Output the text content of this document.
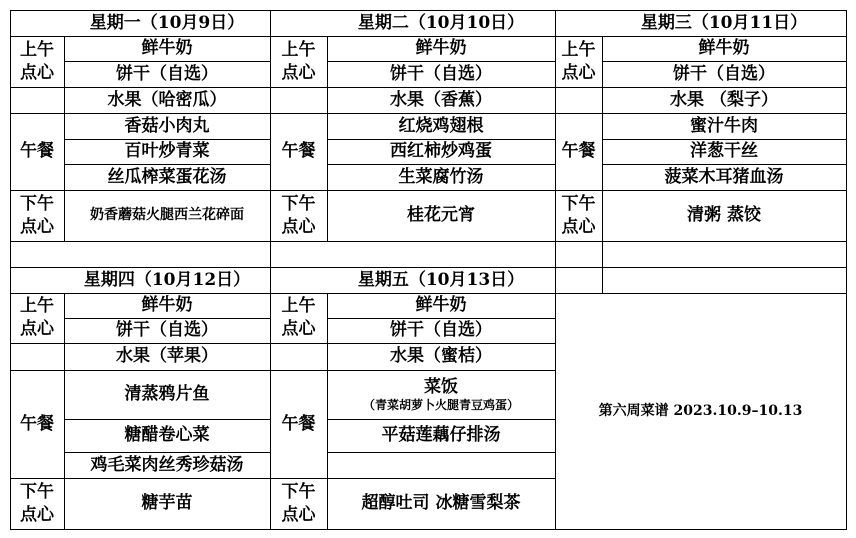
星期一（10月9日）
上午
点心
鲜牛奶
饼干（自选）
水果（哈密瓜）
午餐
香菇小肉丸
百叶炒青菜
丝瓜榨菜蛋花汤
下午
点心
奶香蘑菇火腿西兰花碎面
星期二（10月10日）
上午
点心
鲜牛奶
饼干（自选）
水果（香蕉）
午餐
红烧鸡翅根
西红柿炒鸡蛋
生菜腐竹汤
下午
点心
桂花元宵
星期三（10月11日）
上午
点心
鲜牛奶
饼干（自选）
水果 （梨子）
午餐
蜜汁牛肉
洋葱干丝
菠菜木耳猪血汤
下午
点心
清粥 蒸饺
星期四（10月12日）
上午
点心
鲜牛奶
饼干（自选）
水果（苹果）
午餐
清蒸鸦片鱼
糖醋卷心菜
鸡毛菜肉丝秀珍菇汤
下午
点心
糖芋苗
星期五（10月13日）
上午
点心
鲜牛奶
饼干（自选）
水果（蜜桔）
午餐
菜饭
（青菜胡萝卜火腿青豆鸡蛋）
平菇莲藕仔排汤
下午
点心
超醇吐司 冰糖雪梨茶
第六周菜谱 2023.10.9–10.13
